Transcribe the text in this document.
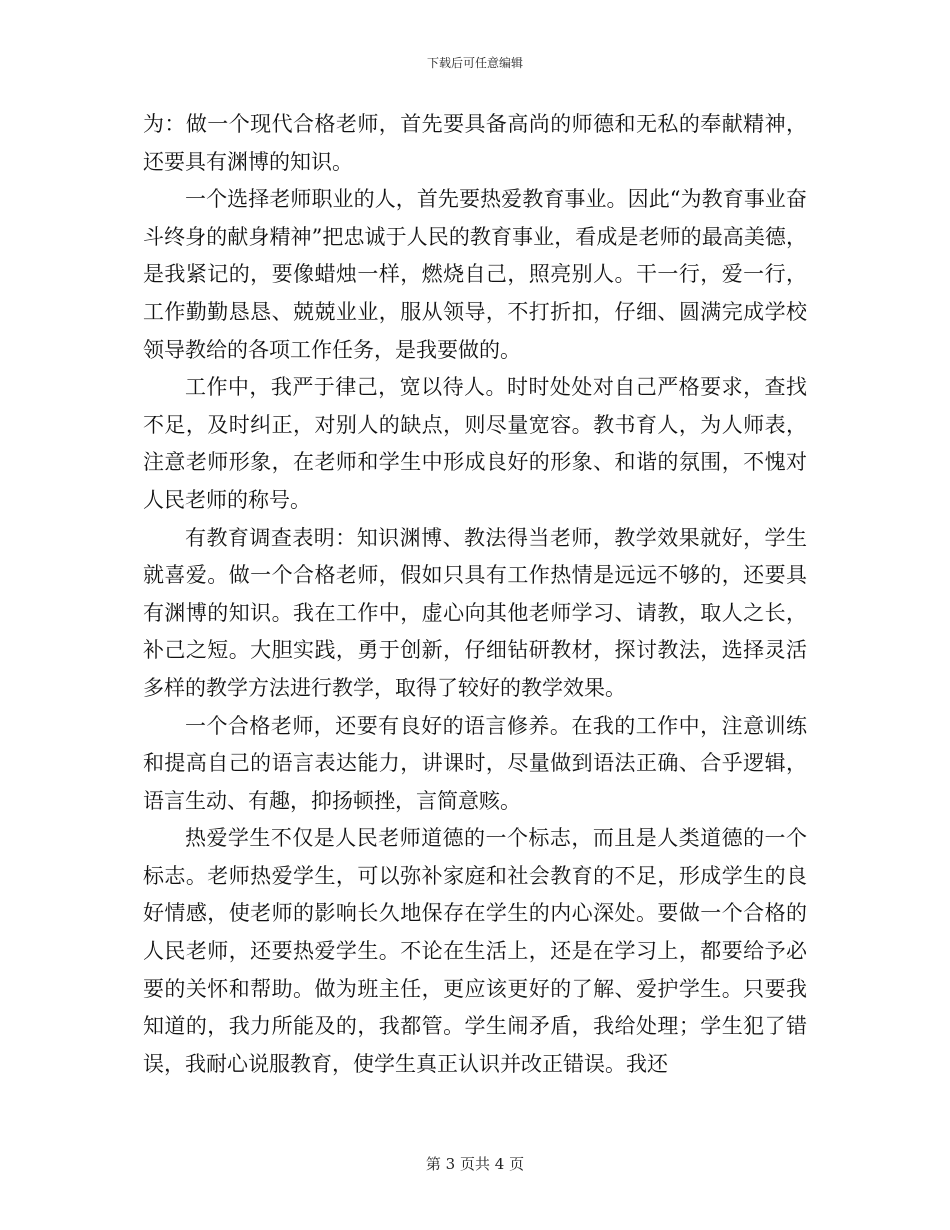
下载后可任意编辑

为：做一个现代合格老师，首先要具备高尚的师德和无私的奉献精神，还要具有渊博的知识。

一个选择老师职业的人，首先要热爱教育事业。因此“为教育事业奋斗终身的献身精神”把忠诚于人民的教育事业，看成是老师的最高美德，是我紧记的，要像蜡烛一样，燃烧自己，照亮别人。干一行，爱一行，工作勤勤恳恳、兢兢业业，服从领导，不打折扣，仔细、圆满完成学校领导教给的各项工作任务，是我要做的。

工作中，我严于律己，宽以待人。时时处处对自己严格要求，查找不足，及时纠正，对别人的缺点，则尽量宽容。教书育人，为人师表，注意老师形象，在老师和学生中形成良好的形象、和谐的氛围，不愧对人民老师的称号。

有教育调查表明：知识渊博、教法得当老师，教学效果就好，学生就喜爱。做一个合格老师，假如只具有工作热情是远远不够的，还要具有渊博的知识。我在工作中，虚心向其他老师学习、请教，取人之长，补己之短。大胆实践，勇于创新，仔细钻研教材，探讨教法，选择灵活多样的教学方法进行教学，取得了较好的教学效果。

一个合格老师，还要有良好的语言修养。在我的工作中，注意训练和提高自己的语言表达能力，讲课时，尽量做到语法正确、合乎逻辑，语言生动、有趣，抑扬顿挫，言简意赅。

热爱学生不仅是人民老师道德的一个标志，而且是人类道德的一个标志。老师热爱学生，可以弥补家庭和社会教育的不足，形成学生的良好情感，使老师的影响长久地保存在学生的内心深处。要做一个合格的人民老师，还要热爱学生。不论在生活上，还是在学习上，都要给予必要的关怀和帮助。做为班主任，更应该更好的了解、爱护学生。只要我知道的，我力所能及的，我都管。学生闹矛盾，我给处理；学生犯了错误，我耐心说服教育，使学生真正认识并改正错误。我还

第 3 页共 4 页
